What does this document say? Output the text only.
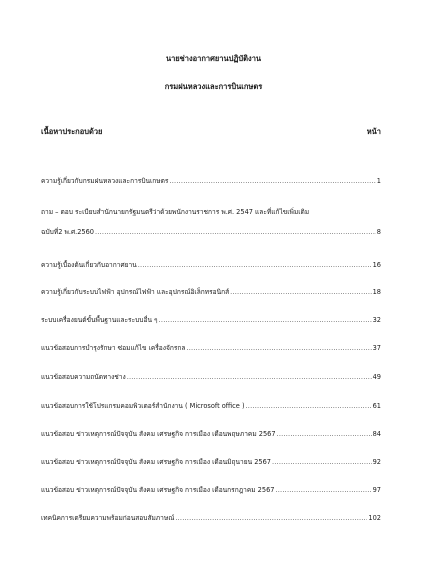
นายช่างอากาศยานปฏิบัติงาน
กรมฝนหลวงและการบินเกษตร
เนื้อหาประกอบด้วย	หน้า
ความรู้เกี่ยวกับกรมฝนหลวงและการบินเกษตร .....	1
ถาม – ตอบ ระเบียบสำนักนายกรัฐมนตรีว่าด้วยพนักงานราชการ พ.ศ. 2547 และที่แก้ไขเพิ่มเติม
ฉบับที่2 พ.ศ.2560 .....	8
ความรู้เบื้องต้นเกี่ยวกับอากาศยาน .....	16
ความรู้เกี่ยวกับระบบไฟฟ้า อุปกรณ์ไฟฟ้า และอุปกรณ์อิเล็กทรอนิกส์ .....	18
ระบบเครื่องยนต์ขั้นพื้นฐานและระบบอื่น ๆ .....	32
แนวข้อสอบการบำรุงรักษา ซ่อมแก้ไข เครื่องจักรกล .....	37
แนวข้อสอบความถนัดทางช่าง .....	49
แนวข้อสอบการใช้โปรแกรมคอมพิวเตอร์สำนักงาน ( Microsoft office ) .....	61
แนวข้อสอบ ข่าวเหตุการณ์ปัจจุบัน สังคม เศรษฐกิจ การเมือง เดือนพฤษภาคม 2567 .....	84
แนวข้อสอบ ข่าวเหตุการณ์ปัจจุบัน สังคม เศรษฐกิจ การเมือง เดือนมิถุนายน 2567 .....	92
แนวข้อสอบ ข่าวเหตุการณ์ปัจจุบัน สังคม เศรษฐกิจ การเมือง เดือนกรกฎาคม 2567 .....	97
เทคนิคการเตรียมความพร้อมก่อนสอบสัมภาษณ์ .....	102
